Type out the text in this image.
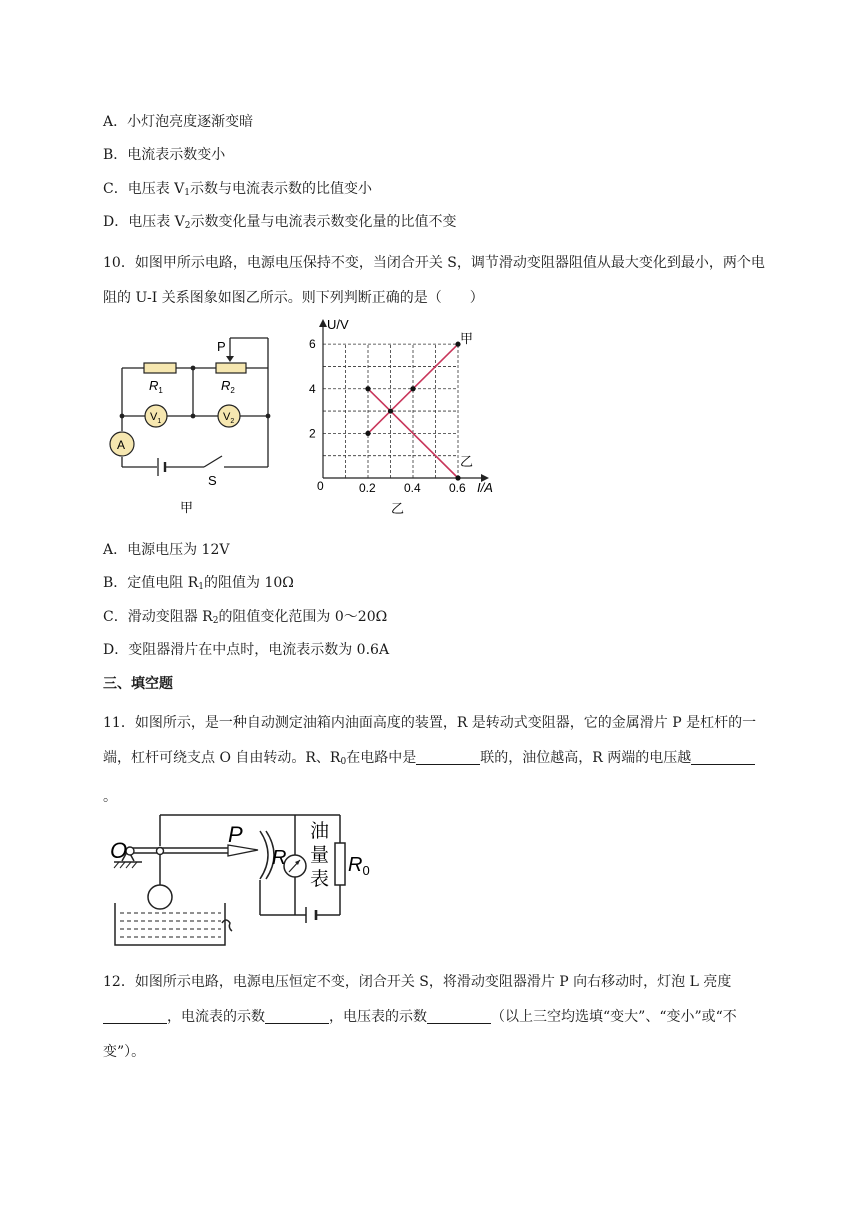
A．小灯泡亮度逐渐变暗
B．电流表示数变小
C．电压表 $V_1$示数与电流表示数的比值变小
D．电压表 $V_2$示数变化量与电流表示数变化量的比值不变
10．如图甲所示电路，电源电压保持不变，当闭合开关 S，调节滑动变阻器阻值从最大变化到最小，两个电阻的 U-I 关系图象如图乙所示。则下列判断正确的是（　　）
P
$R_1$	$R_2$
$V_1$	$V_2$
A
S
甲
U/V
I/A
0
2
4
6
0.2 0.4 0.6
甲
乙
乙
A．电源电压为 12V
B．定值电阻 $R_1$的阻值为 10Ω
C．滑动变阻器 $R_2$的阻值变化范围为 0～20Ω
D．变阻器滑片在中点时，电流表示数为 0.6A
三、填空题
11．如图所示，是一种自动测定油箱内油面高度的装置，R 是转动式变阻器，它的金属滑片 P 是杠杆的一端，杠杆可绕支点 O 自由转动。R、$R_0$在电路中是	联的，油位越高，R 两端的电压越。
O
P
R
油
量
表
$R_0$
12．如图所示电路，电源电压恒定不变，闭合开关 S，将滑动变阻器滑片 P 向右移动时，灯泡 L 亮度，电流表的示数	，电压表的示数	（以上三空均选填“变大”、“变小”或“不变”）。
